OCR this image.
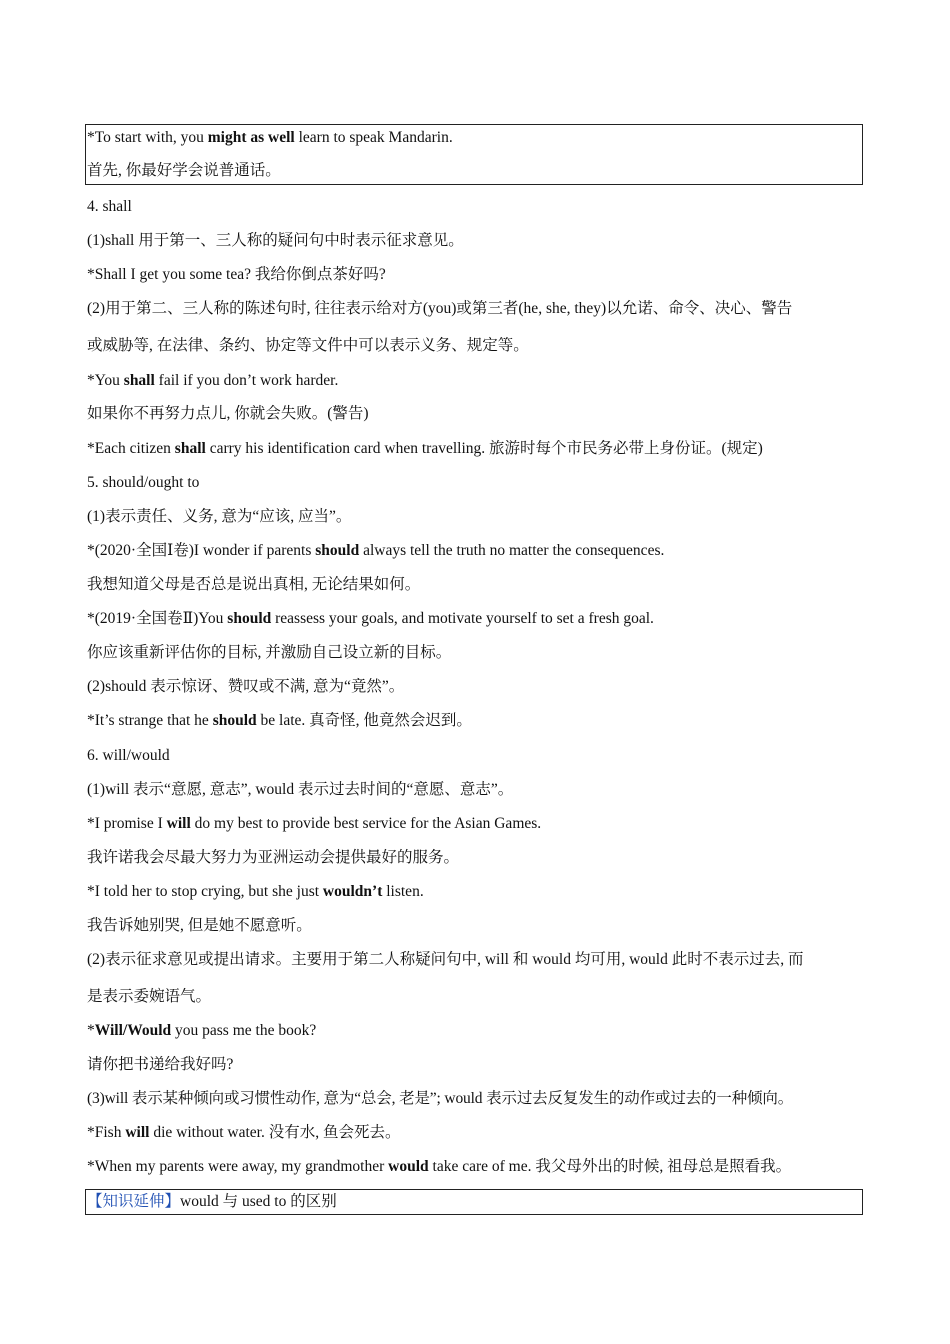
*To start with, you might as well learn to speak Mandarin.
首先, 你最好学会说普通话。
4. shall
(1)shall 用于第一、三人称的疑问句中时表示征求意见。
*Shall I get you some tea? 我给你倒点茶好吗?
(2)用于第二、三人称的陈述句时, 往往表示给对方(you)或第三者(he, she, they)以允诺、命令、决心、警告
或威胁等, 在法律、条约、协定等文件中可以表示义务、规定等。
*You shall fail if you don’t work harder.
如果你不再努力点儿, 你就会失败。(警告)
*Each citizen shall carry his identification card when travelling. 旅游时每个市民务必带上身份证。(规定)
5. should/ought to
(1)表示责任、义务, 意为“应该, 应当”。
*(2020·全国Ⅰ卷)I wonder if parents should always tell the truth no matter the consequences.
我想知道父母是否总是说出真相, 无论结果如何。
*(2019·全国卷Ⅱ)You should reassess your goals, and motivate yourself to set a fresh goal.
你应该重新评估你的目标, 并激励自己设立新的目标。
(2)should 表示惊讶、赞叹或不满, 意为“竟然”。
*It’s strange that he should be late. 真奇怪, 他竟然会迟到。
6. will/would
(1)will 表示“意愿, 意志”, would 表示过去时间的“意愿、意志”。
*I promise I will do my best to provide best service for the Asian Games.
我许诺我会尽最大努力为亚洲运动会提供最好的服务。
*I told her to stop crying, but she just wouldn’t listen.
我告诉她别哭, 但是她不愿意听。
(2)表示征求意见或提出请求。主要用于第二人称疑问句中, will 和 would 均可用, would 此时不表示过去, 而
是表示委婉语气。
*Will/Would you pass me the book?
请你把书递给我好吗?
(3)will 表示某种倾向或习惯性动作, 意为“总会, 老是”; would 表示过去反复发生的动作或过去的一种倾向。
*Fish will die without water. 没有水, 鱼会死去。
*When my parents were away, my grandmother would take care of me. 我父母外出的时候, 祖母总是照看我。
【知识延伸】would 与 used to 的区别
